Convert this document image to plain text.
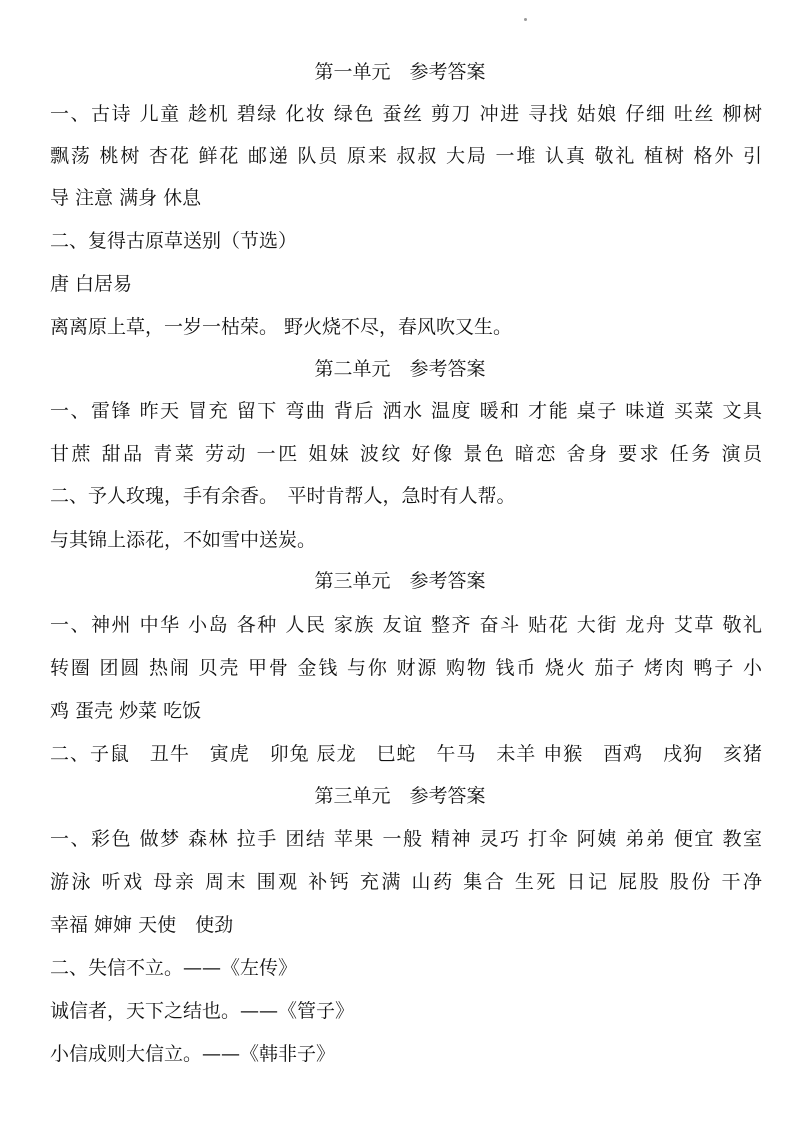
第一单元　参考答案
一、古诗 儿童 趁机 碧绿 化妆 绿色 蚕丝 剪刀 冲进 寻找 姑娘 仔细 吐丝 柳树
飘荡 桃树 杏花 鲜花 邮递 队员 原来 叔叔 大局 一堆 认真 敬礼 植树 格外 引
导 注意 满身 休息
二、复得古原草送别（节选）
唐 白居易
离离原上草，一岁一枯荣。 野火烧不尽，春风吹又生。
第二单元　参考答案
一、雷锋 昨天 冒充 留下 弯曲 背后 洒水 温度 暖和 才能 桌子 味道 买菜 文具
甘蔗 甜品 青菜 劳动 一匹 姐妹 波纹 好像 景色 暗恋 舍身 要求 任务 演员
二、予人玫瑰，手有余香。　平时肯帮人，急时有人帮。
与其锦上添花，不如雪中送炭。
第三单元　参考答案
一、神州 中华 小岛 各种 人民 家族 友谊 整齐 奋斗 贴花 大街 龙舟 艾草 敬礼
转圈 团圆 热闹 贝壳 甲骨 金钱 与你 财源 购物 钱币 烧火 茄子 烤肉 鸭子 小
鸡 蛋壳 炒菜 吃饭
二、子鼠　丑牛　寅虎　卯兔 辰龙　巳蛇　午马　未羊 申猴　酉鸡　戌狗　亥猪
第三单元　参考答案
一、彩色 做梦 森林 拉手 团结 苹果 一般 精神 灵巧 打伞 阿姨 弟弟 便宜 教室
游泳 听戏 母亲 周末 围观 补钙 充满 山药 集合 生死 日记 屁股 股份 干净
幸福 婶婶 天使　使劲
二、失信不立。——《左传》
诚信者，天下之结也。——《管子》
小信成则大信立。——《韩非子》
